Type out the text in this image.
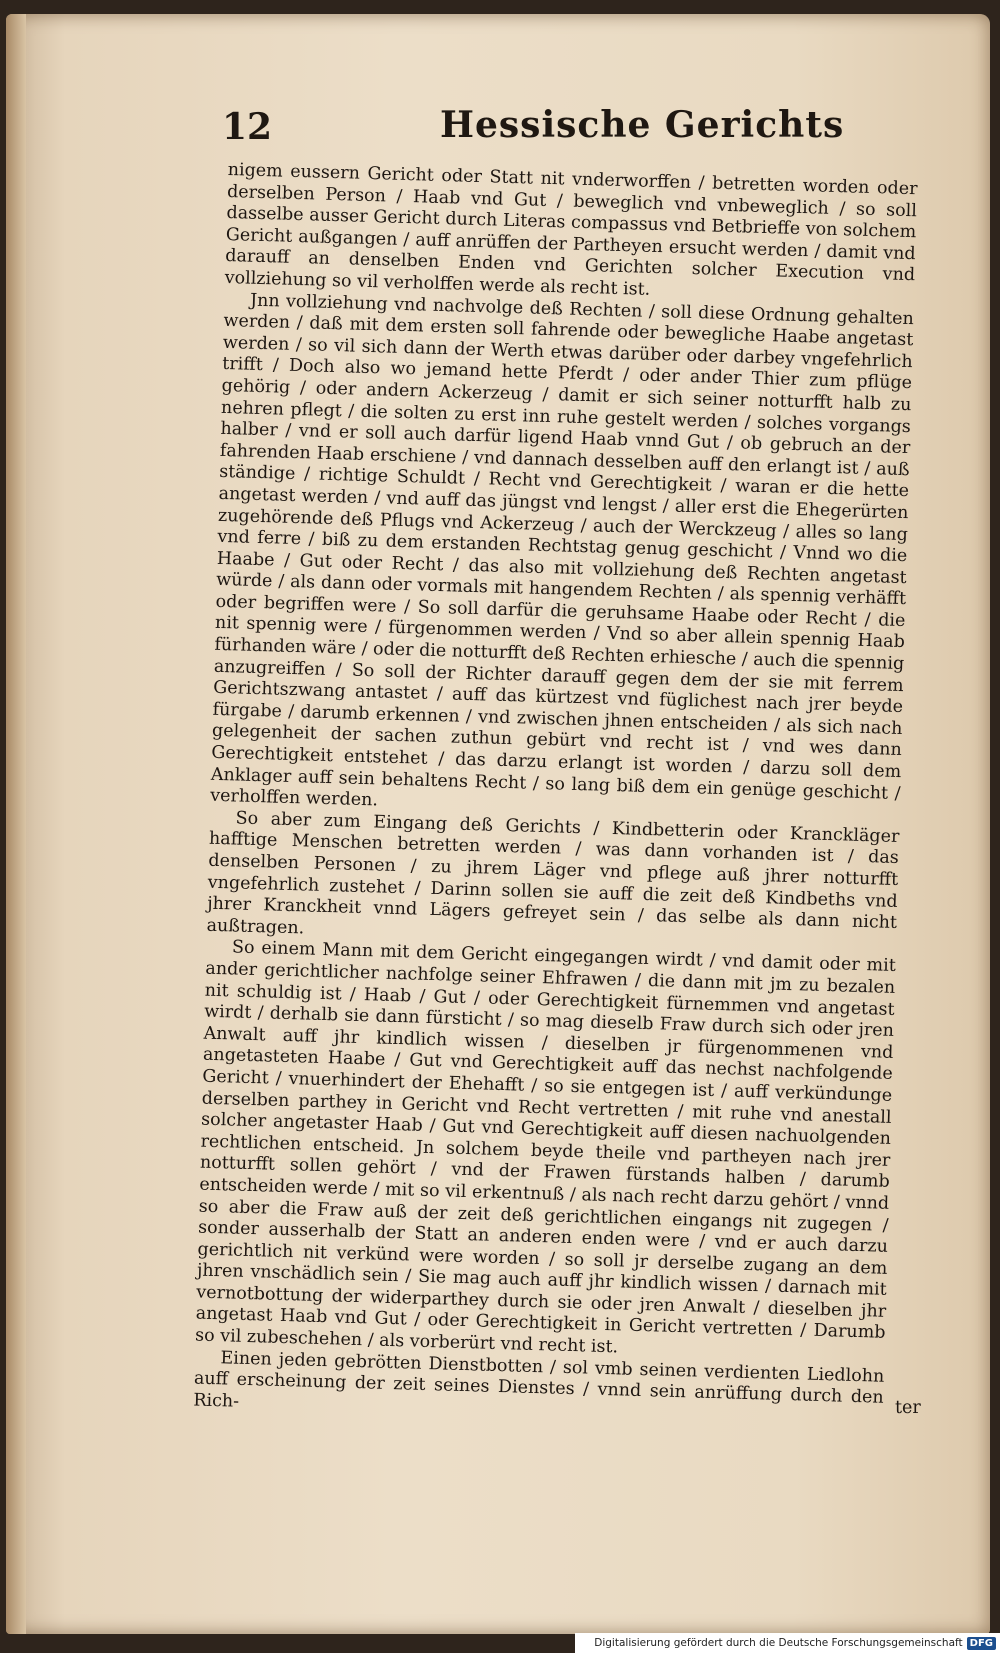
12	Hessische Gerichts

nigem eussern Gericht oder Statt nit vnderworffen / betretten worden oder derselben Person / Haab vnd Gut / beweglich vnd vnbeweglich / so soll dasselbe ausser Gericht durch Literas compassus vnd Betbrieffe von solchem Gericht außgangen / auff anrüffen der Partheyen ersucht werden / damit vnd darauff an denselben Enden vnd Gerichten solcher Execution vnd vollziehung so vil verholffen werde als recht ist.

Jnn vollziehung vnd nachvolge deß Rechten / soll diese Ordnung gehalten werden / daß mit dem ersten soll fahrende oder bewegliche Haabe angetast werden / so vil sich dann der Werth etwas darüber oder darbey vngefehrlich trifft / Doch also wo jemand hette Pferdt / oder ander Thier zum pflüge gehörig / oder andern Ackerzeug / damit er sich seiner notturfft halb zu nehren pflegt / die solten zu erst inn ruhe gestelt werden / solches vorgangs halber / vnd er soll auch darfür ligend Haab vnnd Gut / ob gebruch an der fahrenden Haab erschiene / vnd dannach desselben auff den erlangt ist / auß ständige / richtige Schuldt / Recht vnd Gerechtigkeit / waran er die hette angetast werden / vnd auff das jüngst vnd lengst / aller erst die Ehegerürten zugehörende deß Pflugs vnd Ackerzeug / auch der Werckzeug / alles so lang vnd ferre / biß zu dem erstanden Rechtstag genug geschicht / Vnnd wo die Haabe / Gut oder Recht / das also mit vollziehung deß Rechten angetast würde / als dann oder vormals mit hangendem Rechten / als spennig verhäfft oder begriffen were / So soll darfür die geruhsame Haabe oder Recht / die nit spennig were / fürgenommen werden / Vnd so aber allein spennig Haab fürhanden wäre / oder die notturfft deß Rechten erhiesche / auch die spennig anzugreiffen / So soll der Richter darauff gegen dem der sie mit ferrem Gerichtszwang antastet / auff das kürtzest vnd füglichest nach jrer beyde fürgabe / darumb erkennen / vnd zwischen jhnen entscheiden / als sich nach gelegenheit der sachen zuthun gebürt vnd recht ist / vnd wes dann Gerechtigkeit entstehet / das darzu erlangt ist worden / darzu soll dem Anklager auff sein behaltens Recht / so lang biß dem ein genüge geschicht / verholffen werden.

So aber zum Eingang deß Gerichts / Kindbetterin oder Kranckläger hafftige Menschen betretten werden / was dann vorhanden ist / das denselben Personen / zu jhrem Läger vnd pflege auß jhrer notturfft vngefehrlich zustehet / Darinn sollen sie auff die zeit deß Kindbeths vnd jhrer Kranckheit vnnd Lägers gefreyet sein / das selbe als dann nicht außtragen.

So einem Mann mit dem Gericht eingegangen wirdt / vnd damit oder mit ander gerichtlicher nachfolge seiner Ehfrawen / die dann mit jm zu bezalen nit schuldig ist / Haab / Gut / oder Gerechtigkeit fürnemmen vnd angetast wirdt / derhalb sie dann fürsticht / so mag dieselb Fraw durch sich oder jren Anwalt auff jhr kindlich wissen / dieselben jr fürgenommenen vnd angetasteten Haabe / Gut vnd Gerechtigkeit auff das nechst nachfolgende Gericht / vnuerhindert der Ehehafft / so sie entgegen ist / auff verkündunge derselben parthey in Gericht vnd Recht vertretten / mit ruhe vnd anestall solcher angetaster Haab / Gut vnd Gerechtigkeit auff diesen nachuolgenden rechtlichen entscheid. Jn solchem beyde theile vnd partheyen nach jrer notturfft sollen gehört / vnd der Frawen fürstands halben / darumb entscheiden werde / mit so vil erkentnuß / als nach recht darzu gehört / vnnd so aber die Fraw auß der zeit deß gerichtlichen eingangs nit zugegen / sonder ausserhalb der Statt an anderen enden were / vnd er auch darzu gerichtlich nit verkünd were worden / so soll jr derselbe zugang an dem jhren vnschädlich sein / Sie mag auch auff jhr kindlich wissen / darnach mit vernotbottung der widerparthey durch sie oder jren Anwalt / dieselben jhr angetast Haab vnd Gut / oder Gerechtigkeit in Gericht vertretten / Darumb so vil zubeschehen / als vorberürt vnd recht ist.

Einen jeden gebrötten Dienstbotten / sol vmb seinen verdienten Liedlohn auff erscheinung der zeit seines Dienstes / vnnd sein anrüffung durch den Rich-	ter
Digitalisierung gefördert durch die Deutsche Forschungsgemeinschaft DFG
